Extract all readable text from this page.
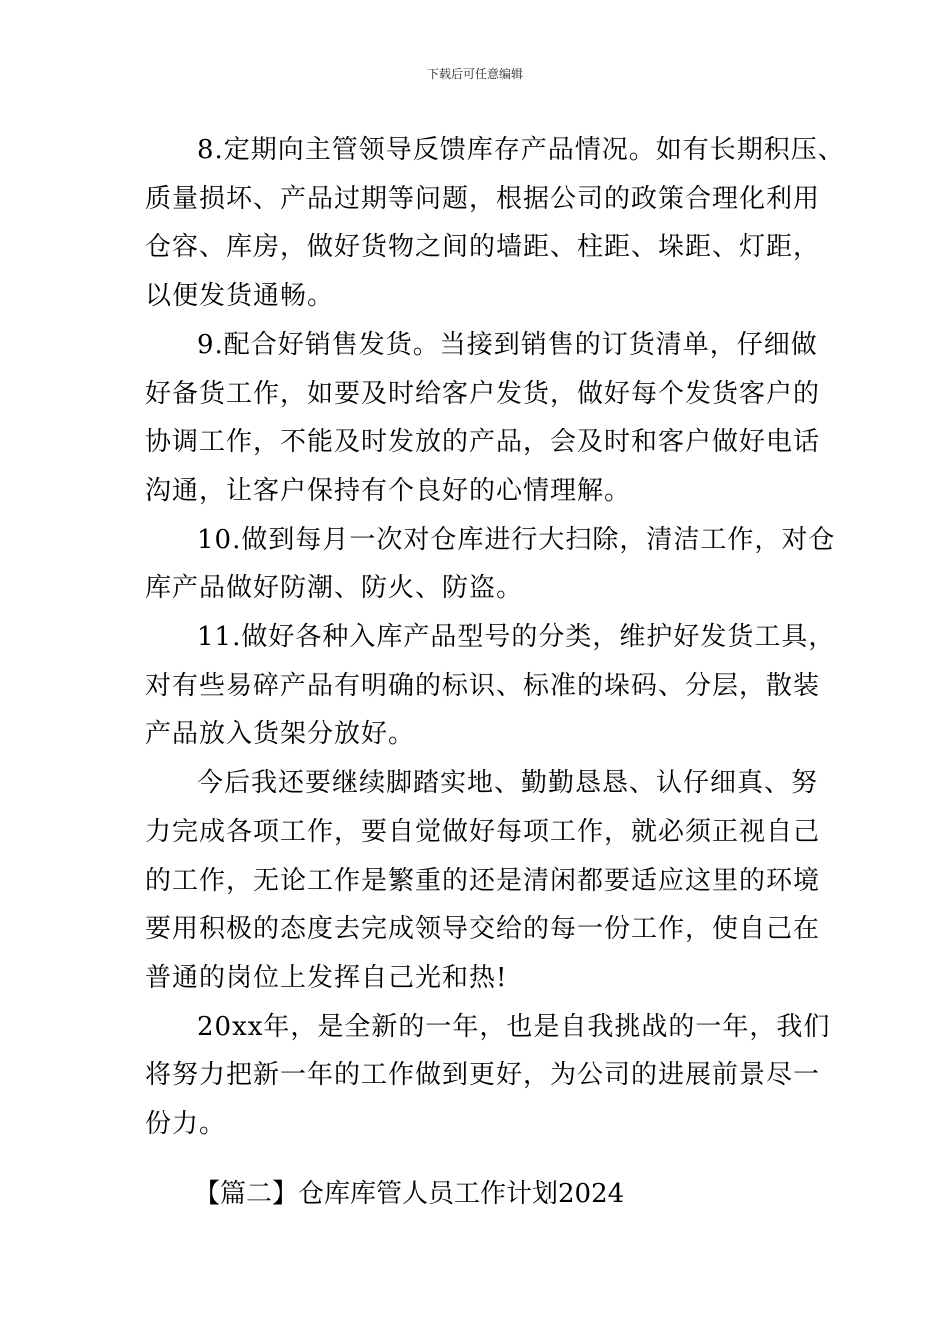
下载后可任意编辑

8.定期向主管领导反馈库存产品情况。如有长期积压、
质量损坏、产品过期等问题，根据公司的政策合理化利用
仓容、库房，做好货物之间的墙距、柱距、垛距、灯距，
以便发货通畅。

9.配合好销售发货。当接到销售的订货清单，仔细做
好备货工作，如要及时给客户发货，做好每个发货客户的
协调工作，不能及时发放的产品，会及时和客户做好电话
沟通，让客户保持有个良好的心情理解。

10.做到每月一次对仓库进行大扫除，清洁工作，对仓
库产品做好防潮、防火、防盗。

11.做好各种入库产品型号的分类，维护好发货工具，
对有些易碎产品有明确的标识、标准的垛码、分层，散装
产品放入货架分放好。

今后我还要继续脚踏实地、勤勤恳恳、认仔细真、努
力完成各项工作，要自觉做好每项工作，就必须正视自己
的工作，无论工作是繁重的还是清闲都要适应这里的环境
要用积极的态度去完成领导交给的每一份工作，使自己在
普通的岗位上发挥自己光和热!

20xx年，是全新的一年，也是自我挑战的一年，我们
将努力把新一年的工作做到更好，为公司的进展前景尽一
份力。

【篇二】仓库库管人员工作计划2024
